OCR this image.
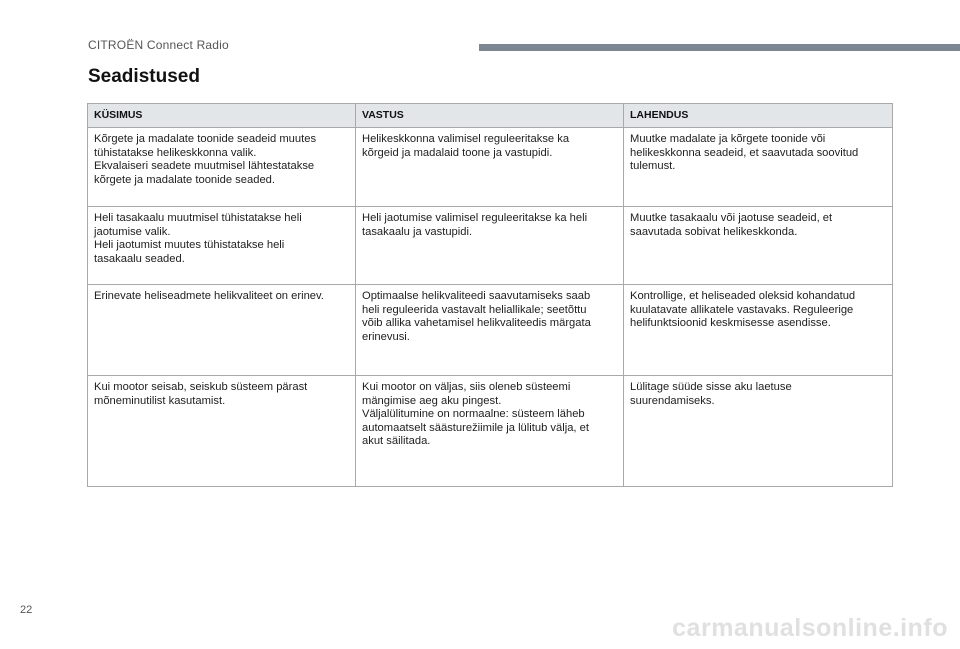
CITROËN Connect Radio
Seadistused
KÜSIMUS	VASTUS	LAHENDUS

Kõrgete ja madalate toonide seadeid muutes
tühistatakse helikeskkonna valik.
Ekvalaiseri seadete muutmisel lähtestatakse
kõrgete ja madalate toonide seaded.	Helikeskkonna valimisel reguleeritakse ka
kõrgeid ja madalaid toone ja vastupidi.	Muutke madalate ja kõrgete toonide või
helikeskkonna seadeid, et saavutada soovitud
tulemust.

Heli tasakaalu muutmisel tühistatakse heli
jaotumise valik.
Heli jaotumist muutes tühistatakse heli
tasakaalu seaded.	Heli jaotumise valimisel reguleeritakse ka heli
tasakaalu ja vastupidi.	Muutke tasakaalu või jaotuse seadeid, et
saavutada sobivat helikeskkonda.

Erinevate heliseadmete helikvaliteet on erinev.	Optimaalse helikvaliteedi saavutamiseks saab
heli reguleerida vastavalt heliallikale; seetõttu
võib allika vahetamisel helikvaliteedis märgata
erinevusi.	Kontrollige, et heliseaded oleksid kohandatud
kuulatavate allikatele vastavaks. Reguleerige
helifunktsioonid keskmisesse asendisse.

Kui mootor seisab, seiskub süsteem pärast
mõneminutilist kasutamist.	Kui mootor on väljas, siis oleneb süsteemi
mängimise aeg aku pingest.
Väljalülitumine on normaalne: süsteem läheb
automaatselt säästurežiimile ja lülitub välja, et
akut säilitada.	Lülitage süüde sisse aku laetuse
suurendamiseks.
22
carmanualsonline.info
